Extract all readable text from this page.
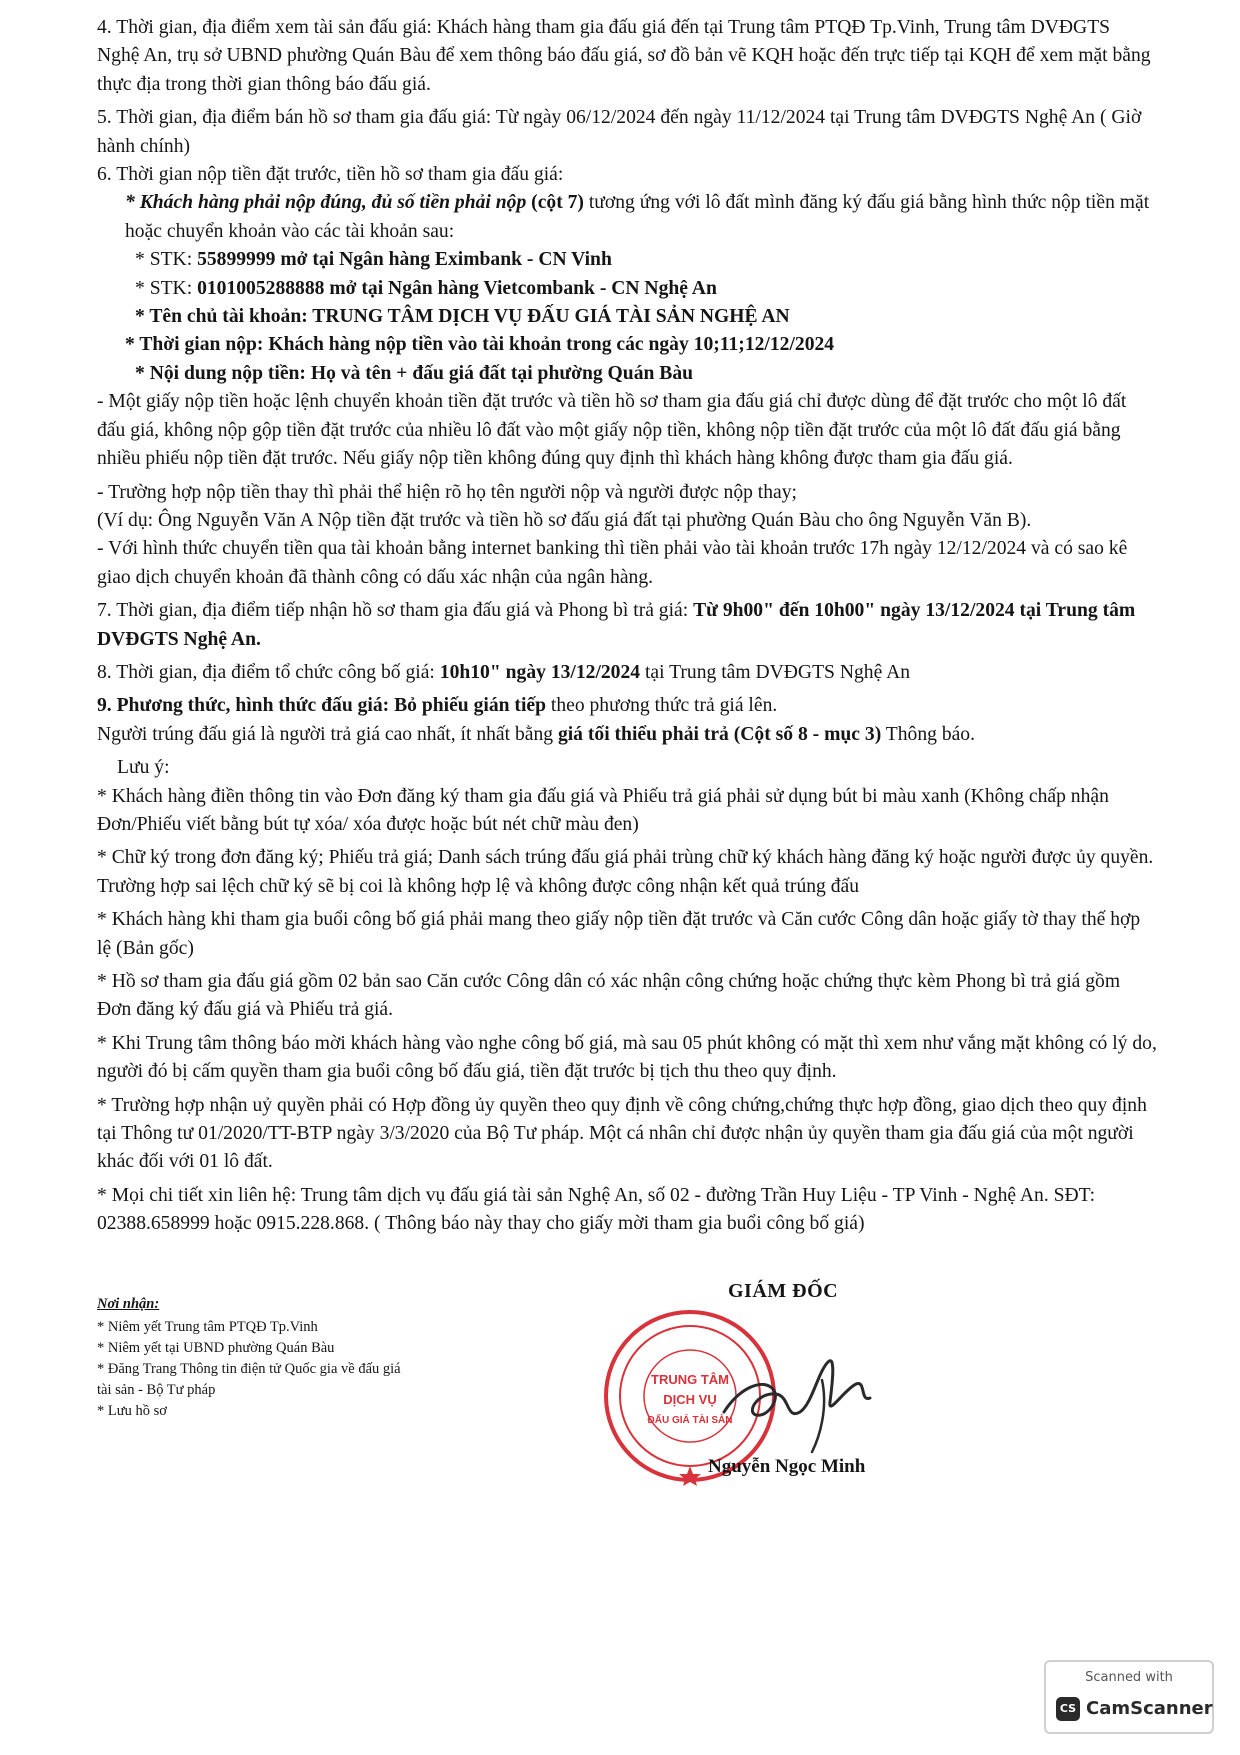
4. Thời gian, địa điểm xem tài sản đấu giá: Khách hàng tham gia đấu giá đến tại Trung tâm PTQĐ Tp.Vinh, Trung tâm DVĐGTS Nghệ An, trụ sở UBND phường Quán Bàu để xem thông báo đấu giá, sơ đồ bản vẽ KQH hoặc đến trực tiếp tại KQH để xem mặt bằng thực địa trong thời gian thông báo đấu giá.

5. Thời gian, địa điểm bán hồ sơ tham gia đấu giá: Từ ngày 06/12/2024 đến ngày 11/12/2024 tại Trung tâm DVĐGTS Nghệ An ( Giờ hành chính)

6. Thời gian nộp tiền đặt trước, tiền hồ sơ tham gia đấu giá:

* Khách hàng phải nộp đúng, đủ số tiền phải nộp (cột 7) tương ứng với lô đất mình đăng ký đấu giá bằng hình thức nộp tiền mặt hoặc chuyển khoản vào các tài khoản sau:

* STK: 55899999 mở tại Ngân hàng Eximbank - CN Vinh

* STK: 0101005288888 mở tại Ngân hàng Vietcombank - CN Nghệ An

* Tên chủ tài khoản: TRUNG TÂM DỊCH VỤ ĐẤU GIÁ TÀI SẢN NGHỆ AN

* Thời gian nộp: Khách hàng nộp tiền vào tài khoản trong các ngày 10;11;12/12/2024

* Nội dung nộp tiền: Họ và tên + đấu giá đất tại phường Quán Bàu

- Một giấy nộp tiền hoặc lệnh chuyển khoản tiền đặt trước và tiền hồ sơ tham gia đấu giá chỉ được dùng để đặt trước cho một lô đất đấu giá, không nộp gộp tiền đặt trước của nhiều lô đất vào một giấy nộp tiền, không nộp tiền đặt trước của một lô đất đấu giá bằng nhiều phiếu nộp tiền đặt trước. Nếu giấy nộp tiền không đúng quy định thì khách hàng không được tham gia đấu giá.

- Trường hợp nộp tiền thay thì phải thể hiện rõ họ tên người nộp và người được nộp thay;

(Ví dụ: Ông Nguyễn Văn A Nộp tiền đặt trước và tiền hồ sơ đấu giá đất tại phường Quán Bàu cho ông Nguyễn Văn B).

- Với hình thức chuyển tiền qua tài khoản bằng internet banking thì tiền phải vào tài khoản trước 17h ngày 12/12/2024 và có sao kê giao dịch chuyển khoản đã thành công có dấu xác nhận của ngân hàng.

7. Thời gian, địa điểm tiếp nhận hồ sơ tham gia đấu giá và Phong bì trả giá: Từ 9h00" đến 10h00" ngày 13/12/2024 tại Trung tâm DVĐGTS Nghệ An.

8. Thời gian, địa điểm tổ chức công bố giá: 10h10" ngày 13/12/2024 tại Trung tâm DVĐGTS Nghệ An

9. Phương thức, hình thức đấu giá: Bỏ phiếu gián tiếp theo phương thức trả giá lên.

Người trúng đấu giá là người trả giá cao nhất, ít nhất bằng giá tối thiểu phải trả (Cột số 8 - mục 3) Thông báo.

Lưu ý:

* Khách hàng điền thông tin vào Đơn đăng ký tham gia đấu giá và Phiếu trả giá phải sử dụng bút bi màu xanh (Không chấp nhận Đơn/Phiếu viết bằng bút tự xóa/ xóa được hoặc bút nét chữ màu đen)

* Chữ ký trong đơn đăng ký; Phiếu trả giá; Danh sách trúng đấu giá phải trùng chữ ký khách hàng đăng ký hoặc người được ủy quyền. Trường hợp sai lệch chữ ký sẽ bị coi là không hợp lệ và không được công nhận kết quả trúng đấu

* Khách hàng khi tham gia buổi công bố giá phải mang theo giấy nộp tiền đặt trước và Căn cước Công dân hoặc giấy tờ thay thế hợp lệ (Bản gốc)

* Hồ sơ tham gia đấu giá gồm 02 bản sao Căn cước Công dân có xác nhận công chứng hoặc chứng thực kèm Phong bì trả giá gồm Đơn đăng ký đấu giá và Phiếu trả giá.

* Khi Trung tâm thông báo mời khách hàng vào nghe công bố giá, mà sau 05 phút không có mặt thì xem như vắng mặt không có lý do, người đó bị cấm quyền tham gia buổi công bố đấu giá, tiền đặt trước bị tịch thu theo quy định.

* Trường hợp nhận uỷ quyền phải có Hợp đồng ủy quyền theo quy định về công chứng,chứng thực hợp đồng, giao dịch theo quy định tại Thông tư 01/2020/TT-BTP ngày 3/3/2020 của Bộ Tư pháp. Một cá nhân chỉ được nhận ủy quyền tham gia đấu giá của một người khác đối với 01 lô đất.

* Mọi chi tiết xin liên hệ: Trung tâm dịch vụ đấu giá tài sản Nghệ An, số 02 - đường Trần Huy Liệu - TP Vinh - Nghệ An. SĐT: 02388.658999 hoặc 0915.228.868. ( Thông báo này thay cho giấy mời tham gia buổi công bố giá)

Nơi nhận:

* Niêm yết Trung tâm PTQĐ Tp.Vinh

* Niêm yết tại UBND phường Quán Bàu

* Đăng Trang Thông tin điện tử Quốc gia về đấu giá tài sản - Bộ Tư pháp

* Lưu hồ sơ

GIÁM ĐỐC
TRUNG TÂM
DỊCH VỤ
ĐẤU GIÁ TÀI SẢN
Nguyễn Ngọc Minh
Scanned with
CS CamScanner
